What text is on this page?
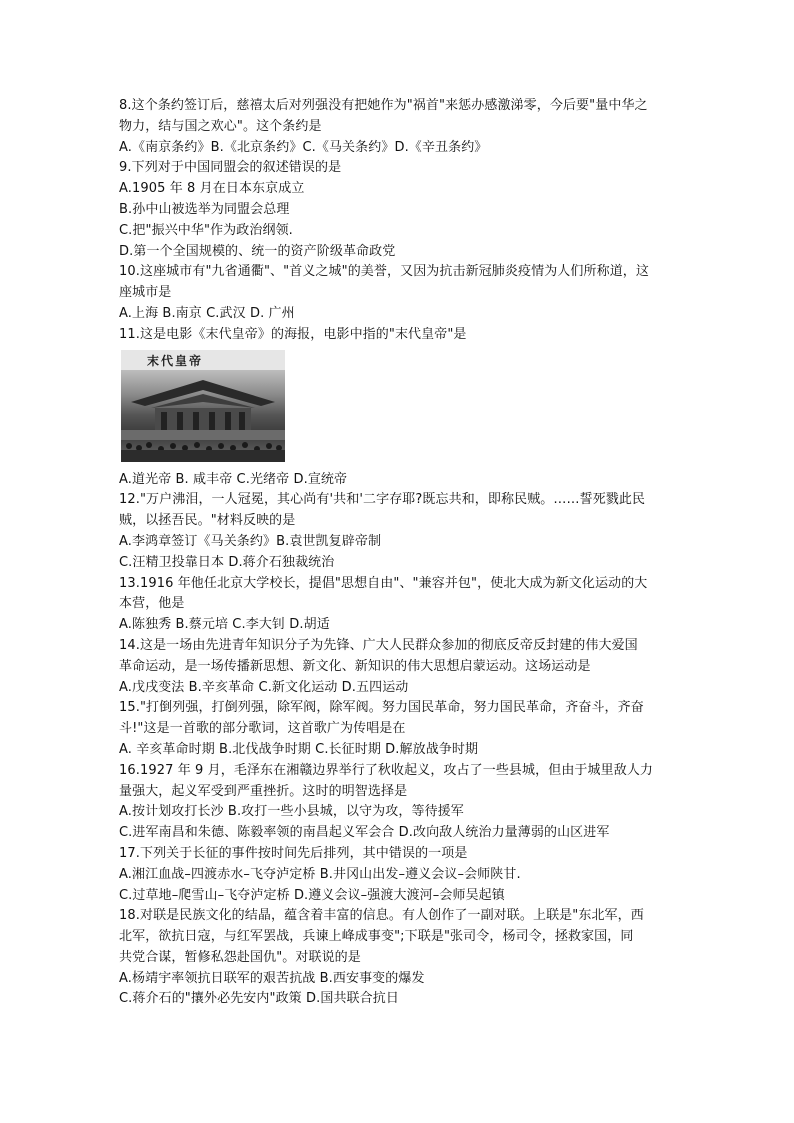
8.这个条约签订后，慈禧太后对列强没有把她作为"祸首"来惩办感激涕零，今后要"量中华之
物力，结与国之欢心"。这个条约是
A.《南京条约》B.《北京条约》C.《马关条约》D.《辛丑条约》
9.下列对于中国同盟会的叙述错误的是
A.1905 年 8 月在日本东京成立
B.孙中山被选举为同盟会总理
C.把"振兴中华"作为政治纲领.
D.第一个全国规模的、统一的资产阶级革命政党
10.这座城市有"九省通衢"、"首义之城"的美誉，又因为抗击新冠肺炎疫情为人们所称道，这
座城市是
A.上海 B.南京 C.武汉 D. 广州
11.这是电影《末代皇帝》的海报，电影中指的"末代皇帝"是
末代皇帝
A.道光帝 B. 咸丰帝 C.光绪帝 D.宣统帝
12."万户沸泪，一人冠冕，其心尚有'共和'二字存耶?既忘共和，即称民贼。……誓死戮此民
贼，以拯吾民。"材料反映的是
A.李鸿章签订《马关条约》B.袁世凯复辟帝制
C.汪精卫投靠日本 D.蒋介石独裁统治
13.1916 年他任北京大学校长，提倡"思想自由"、"兼容并包"，使北大成为新文化运动的大
本营，他是
A.陈独秀 B.蔡元培 C.李大钊 D.胡适
14.这是一场由先进青年知识分子为先锋、广大人民群众参加的彻底反帝反封建的伟大爱国
革命运动，是一场传播新思想、新文化、新知识的伟大思想启蒙运动。这场运动是
A.戊戌变法 B.辛亥革命 C.新文化运动 D.五四运动
15."打倒列强，打倒列强，除军阀，除军阀。努力国民革命，努力国民革命，齐奋斗，齐奋
斗!"这是一首歌的部分歌词，这首歌广为传唱是在
A. 辛亥革命时期 B.北伐战争时期 C.长征时期 D.解放战争时期
16.1927 年 9 月，毛泽东在湘赣边界举行了秋收起义，攻占了一些县城，但由于城里敌人力
量强大，起义军受到严重挫折。这时的明智选择是
A.按计划攻打长沙 B.攻打一些小县城，以守为攻，等待援军
C.进军南昌和朱德、陈毅率领的南昌起义军会合 D.改向敌人统治力量薄弱的山区进军
17.下列关于长征的事件按时间先后排列，其中错误的一项是
A.湘江血战–四渡赤水–飞夺泸定桥 B.井冈山出发–遵义会议–会师陕甘.
C.过草地–爬雪山–飞夺泸定桥 D.遵义会议–强渡大渡河–会师吴起镇
18.对联是民族文化的结晶，蕴含着丰富的信息。有人创作了一副对联。上联是"东北军，西
北军，欲抗日寇，与红军罢战，兵谏上峰成事变";下联是"张司令，杨司令，拯救家国，同
共党合谋，暂修私怨赴国仇"。对联说的是
A.杨靖宇率领抗日联军的艰苦抗战 B.西安事变的爆发
C.蒋介石的"攘外必先安内"政策 D.国共联合抗日
